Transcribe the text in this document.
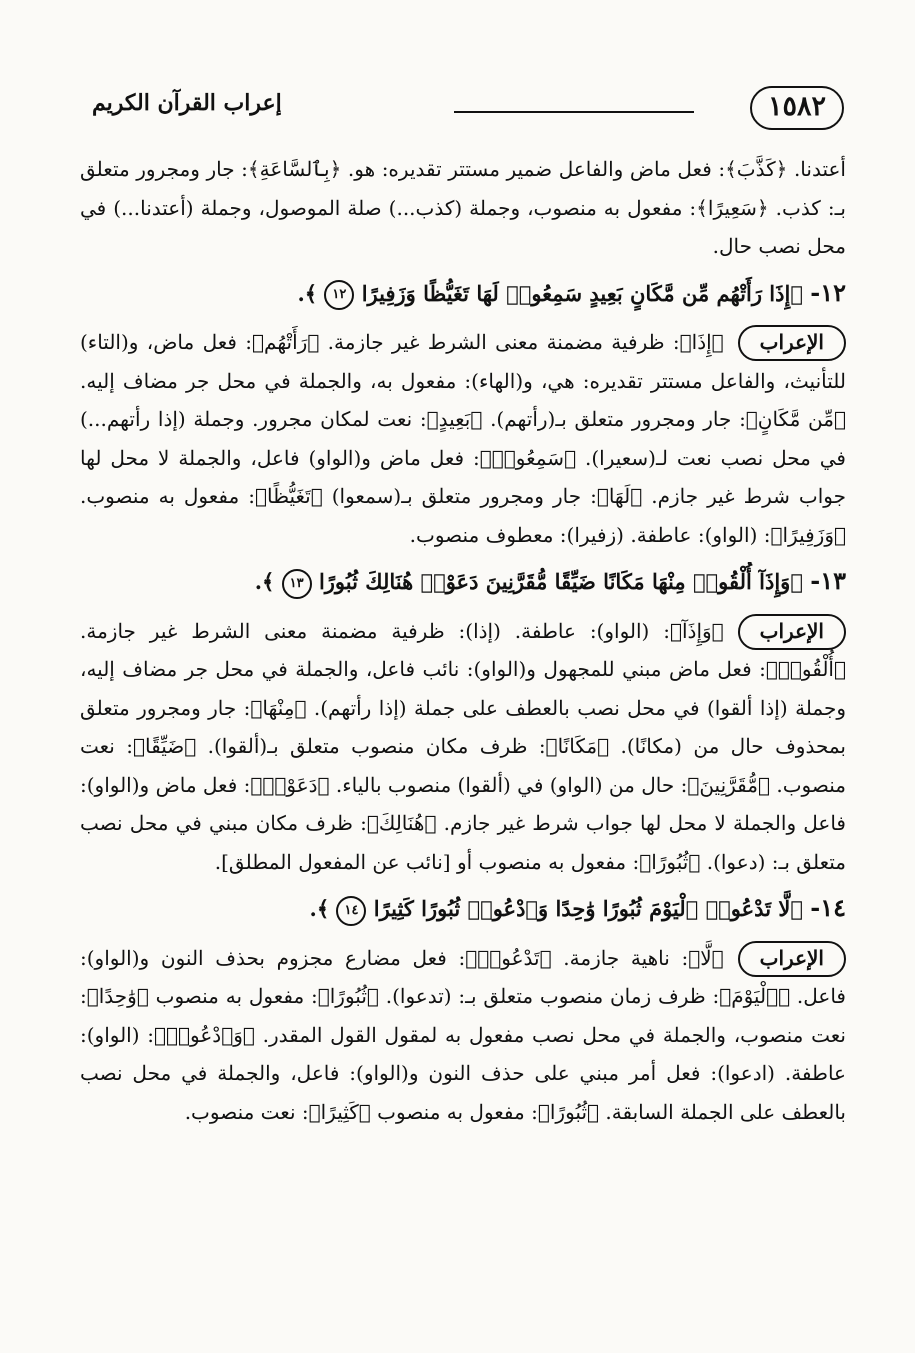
١٥٨٢
إعراب القرآن الكريم

أعتدنا. ﴿كَذَّبَ﴾: فعل ماض والفاعل ضمير مستتر تقديره: هو. ﴿بِٱلسَّاعَةِ﴾: جار ومجرور متعلق بـ: كذب. ﴿سَعِيرًا﴾: مفعول به منصوب، وجملة (كذب...) صلة الموصول، وجملة (أعتدنا...) في محل نصب حال.

١٢- ﴿إِذَا رَأَتْهُم مِّن مَّكَانٍ بَعِيدٍ سَمِعُوا۟ لَهَا تَغَيُّظًا وَزَفِيرًا ١٢ ﴾.

الإعراب
﴿إِذَا﴾: ظرفية مضمنة معنى الشرط غير جازمة. ﴿رَأَتْهُم﴾: فعل ماض، و(التاء) للتأنيث، والفاعل مستتر تقديره: هي، و(الهاء): مفعول به، والجملة في محل جر مضاف إليه. ﴿مِّن مَّكَانٍ﴾: جار ومجرور متعلق بـ(رأتهم). ﴿بَعِيدٍ﴾: نعت لمكان مجرور. وجملة (إذا رأتهم...) في محل نصب نعت لـ(سعيرا). ﴿سَمِعُوا۟﴾: فعل ماض و(الواو) فاعل، والجملة لا محل لها جواب شرط غير جازم. ﴿لَهَا﴾: جار ومجرور متعلق بـ(سمعوا) ﴿تَغَيُّظًا﴾: مفعول به منصوب. ﴿وَزَفِيرًا﴾: (الواو): عاطفة. (زفيرا): معطوف منصوب.

١٣- ﴿وَإِذَآ أُلْقُوا۟ مِنْهَا مَكَانًا ضَيِّقًا مُّقَرَّنِينَ دَعَوْا۟ هُنَالِكَ ثُبُورًا ١٣ ﴾.

الإعراب
﴿وَإِذَآ﴾: (الواو): عاطفة. (إذا): ظرفية مضمنة معنى الشرط غير جازمة. ﴿أُلْقُوا۟﴾: فعل ماض مبني للمجهول و(الواو): نائب فاعل، والجملة في محل جر مضاف إليه، وجملة (إذا ألقوا) في محل نصب بالعطف على جملة (إذا رأتهم). ﴿مِنْهَا﴾: جار ومجرور متعلق بمحذوف حال من (مكانًا). ﴿مَكَانًا﴾: ظرف مكان منصوب متعلق بـ(ألقوا). ﴿ضَيِّقًا﴾: نعت منصوب. ﴿مُّقَرَّنِينَ﴾: حال من (الواو) في (ألقوا) منصوب بالياء. ﴿دَعَوْا۟﴾: فعل ماض و(الواو): فاعل والجملة لا محل لها جواب شرط غير جازم. ﴿هُنَالِكَ﴾: ظرف مكان مبني في محل نصب متعلق بـ: (دعوا). ﴿ثُبُورًا﴾: مفعول به منصوب أو [نائب عن المفعول المطلق].

١٤- ﴿لَّا تَدْعُوا۟ ٱلْيَوْمَ ثُبُورًا وَٰحِدًا وَٱدْعُوا۟ ثُبُورًا كَثِيرًا ١٤ ﴾.

الإعراب
﴿لَّا﴾: ناهية جازمة. ﴿تَدْعُوا۟﴾: فعل مضارع مجزوم بحذف النون و(الواو): فاعل. ﴿ٱلْيَوْمَ﴾: ظرف زمان منصوب متعلق بـ: (تدعوا). ﴿ثُبُورًا﴾: مفعول به منصوب ﴿وَٰحِدًا﴾: نعت منصوب، والجملة في محل نصب مفعول به لمقول القول المقدر. ﴿وَٱدْعُوا۟﴾: (الواو): عاطفة. (ادعوا): فعل أمر مبني على حذف النون و(الواو): فاعل، والجملة في محل نصب بالعطف على الجملة السابقة. ﴿ثُبُورًا﴾: مفعول به منصوب ﴿كَثِيرًا﴾: نعت منصوب.
